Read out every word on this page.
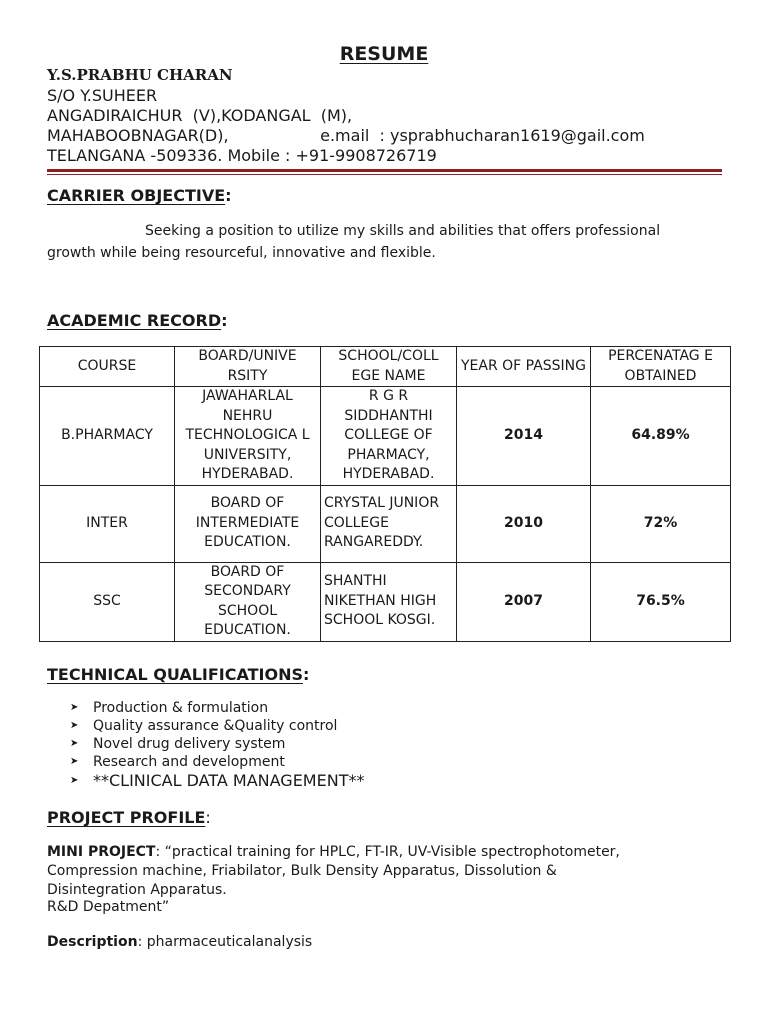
RESUME
Y.S.PRABHU CHARAN
S/O Y.SUHEER
ANGADIRAICHUR  (V),KODANGAL  (M),
MAHABOOBNAGAR(D),                  e.mail  : ysprabhucharan1619@gail.com
TELANGANA -509336. Mobile : +91-9908726719
CARRIER OBJECTIVE:
Seeking a position to utilize my skills and abilities that offers professional
growth while being resourceful, innovative and flexible.
ACADEMIC RECORD:
COURSE	BOARD/UNIVE RSITY	SCHOOL/COLL EGE NAME	YEAR OF PASSING	PERCENATAG E OBTAINED
B.PHARMACY	JAWAHARLAL NEHRU TECHNOLOGICA L UNIVERSITY, HYDERABAD.	R G R SIDDHANTHI COLLEGE OF PHARMACY, HYDERABAD.	2014	64.89%
INTER	BOARD OF INTERMEDIATE EDUCATION.	CRYSTAL JUNIOR COLLEGE RANGAREDDY.	2010	72%
SSC	BOARD OF SECONDARY SCHOOL EDUCATION.	SHANTHI NIKETHAN HIGH SCHOOL KOSGI.	2007	76.5%
TECHNICAL QUALIFICATIONS:
➤	Production & formulation
➤	Quality assurance &Quality control
➤	Novel drug delivery system
➤	Research and development
➤ **CLINICAL DATA MANAGEMENT**
PROJECT PROFILE:
MINI PROJECT: “practical training for HPLC, FT-IR, UV-Visible spectrophotometer,
Compression machine, Friabilator, Bulk Density Apparatus, Dissolution &
Disintegration Apparatus.
R&D Depatment”
Description: pharmaceuticalanalysis
